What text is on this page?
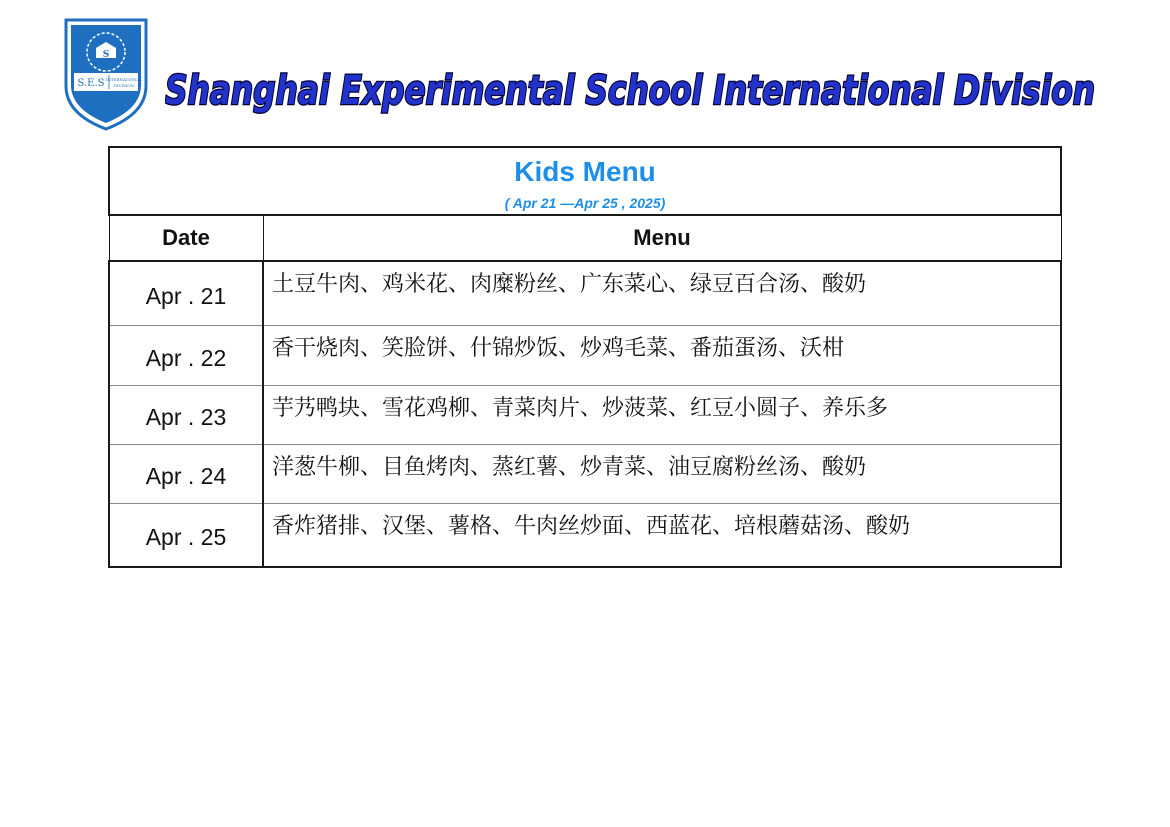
S
S.E.S INTERNATIONAL
DIVISION Shanghai Experimental School International Division
Kids Menu
( Apr 21 —Apr 25 , 2025)	

Date	Menu
Apr . 21	土豆牛肉、鸡米花、肉糜粉丝、广东菜心、绿豆百合汤、酸奶
Apr . 22	香干烧肉、笑脸饼、什锦炒饭、炒鸡毛菜、番茄蛋汤、沃柑
Apr . 23	芋艿鸭块、雪花鸡柳、青菜肉片、炒菠菜、红豆小圆子、养乐多
Apr . 24	洋葱牛柳、目鱼烤肉、蒸红薯、炒青菜、油豆腐粉丝汤、酸奶
Apr . 25	香炸猪排、汉堡、薯格、牛肉丝炒面、西蓝花、培根蘑菇汤、酸奶
